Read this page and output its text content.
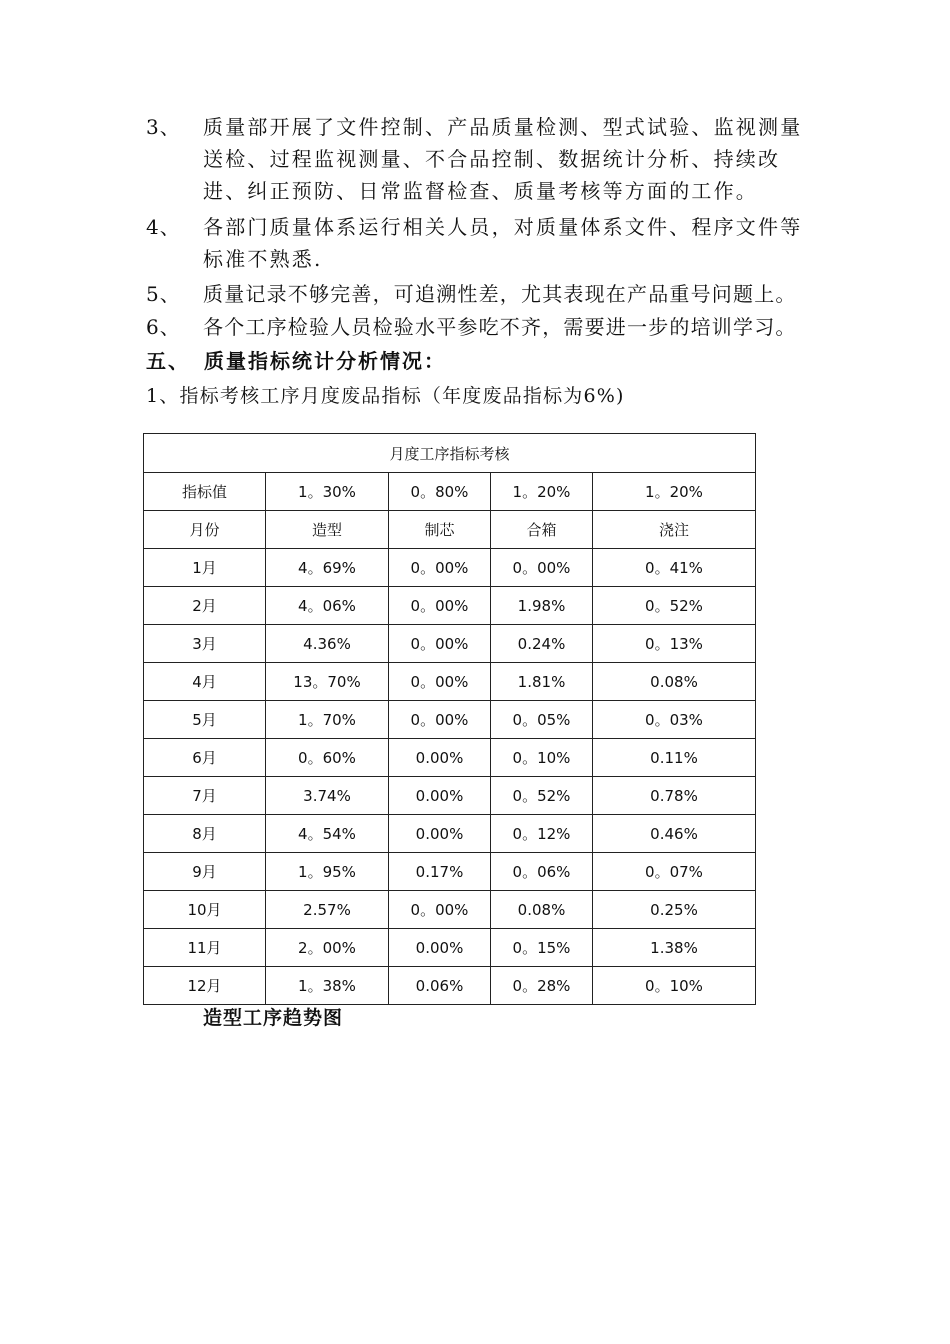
3、 质量部开展了文件控制、产品质量检测、型式试验、监视测量送检、过程监视测量、不合品控制、数据统计分析、持续改进、纠正预防、日常监督检查、质量考核等方面的工作。
4、 各部门质量体系运行相关人员，对质量体系文件、程序文件等标准不熟悉.
5、 质量记录不够完善，可追溯性差，尤其表现在产品重号问题上。
6、 各个工序检验人员检验水平参吃不齐，需要进一步的培训学习。
五、 质量指标统计分析情况：
1、指标考核工序月度废品指标（年度废品指标为6%)
月度工序指标考核				
指标值	1。30%	0。80%	1。20%	1。20%
月份	造型	制芯	合箱	浇注
1月	4。69%	0。00%	0。00%	0。41%
2月	4。06%	0。00%	1.98%	0。52%
3月	4.36%	0。00%	0.24%	0。13%
4月	13。70%	0。00%	1.81%	0.08%
5月	1。70%	0。00%	0。05%	0。03%
6月	0。60%	0.00%	0。10%	0.11%
7月	3.74%	0.00%	0。52%	0.78%
8月	4。54%	0.00%	0。12%	0.46%
9月	1。95%	0.17%	0。06%	0。07%
10月	2.57%	0。00%	0.08%	0.25%
11月	2。00%	0.00%	0。15%	1.38%
12月	1。38%	0.06%	0。28%	0。10%
造型工序趋势图
